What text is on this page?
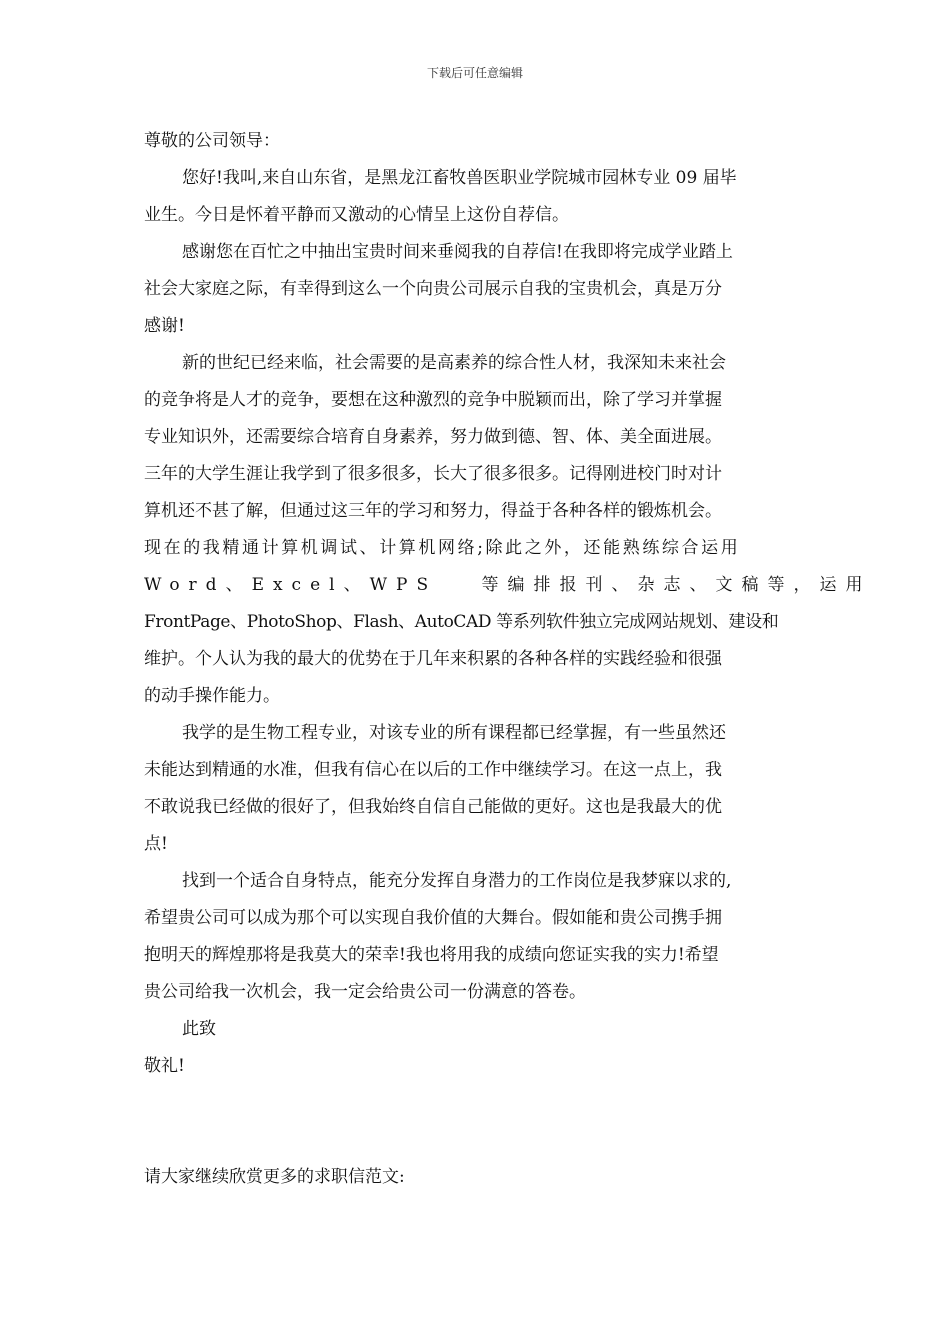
下载后可任意编辑
尊敬的公司领导：
您好!我叫,来自山东省，是黑龙江畜牧兽医职业学院城市园林专业 09 届毕
业生。今日是怀着平静而又激动的心情呈上这份自荐信。
感谢您在百忙之中抽出宝贵时间来垂阅我的自荐信!在我即将完成学业踏上
社会大家庭之际，有幸得到这么一个向贵公司展示自我的宝贵机会，真是万分
感谢!
新的世纪已经来临，社会需要的是高素养的综合性人材，我深知未来社会
的竞争将是人才的竞争，要想在这种激烈的竞争中脱颖而出，除了学习并掌握
专业知识外，还需要综合培育自身素养，努力做到德、智、体、美全面进展。
三年的大学生涯让我学到了很多很多，长大了很多很多。记得刚进校门时对计
算机还不甚了解，但通过这三年的学习和努力，得益于各种各样的锻炼机会。
现在的我精通计算机调试、计算机网络;除此之外，还能熟练综合运用
Word、Excel、WPS 等编排报刊、杂志、文稿等，运用
FrontPage、PhotoShop、Flash、AutoCAD 等系列软件独立完成网站规划、建设和
维护。个人认为我的最大的优势在于几年来积累的各种各样的实践经验和很强
的动手操作能力。
我学的是生物工程专业，对该专业的所有课程都已经掌握，有一些虽然还
未能达到精通的水准，但我有信心在以后的工作中继续学习。在这一点上，我
不敢说我已经做的很好了，但我始终自信自己能做的更好。这也是我最大的优
点!
找到一个适合自身特点，能充分发挥自身潜力的工作岗位是我梦寐以求的,
希望贵公司可以成为那个可以实现自我价值的大舞台。假如能和贵公司携手拥
抱明天的辉煌那将是我莫大的荣幸!我也将用我的成绩向您证实我的实力!希望
贵公司给我一次机会，我一定会给贵公司一份满意的答卷。
此致
敬礼!
请大家继续欣赏更多的求职信范文:
